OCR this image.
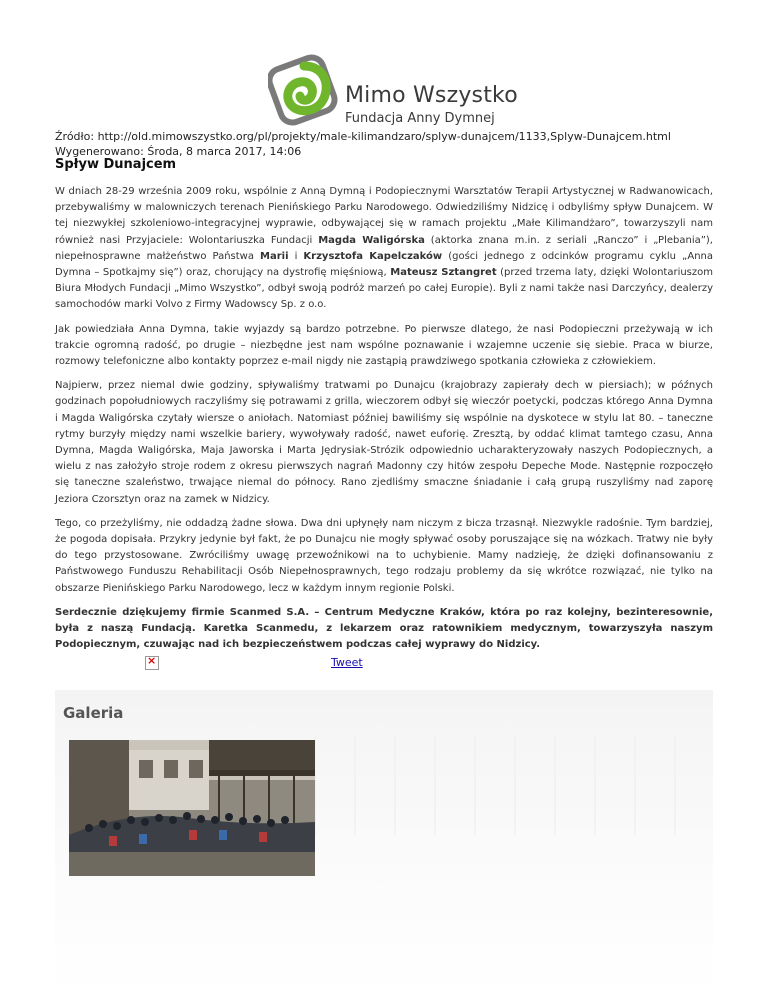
Mimo Wszystko
Fundacja Anny Dymnej
Źródło: http://old.mimowszystko.org/pl/projekty/male-kilimandzaro/splyw-dunajcem/1133,Splyw-Dunajcem.html
Wygenerowano: Środa, 8 marca 2017, 14:06
Spływ Dunajcem

W dniach 28-29 września 2009 roku, wspólnie z Anną Dymną i Podopiecznymi Warsztatów Terapii Artystycznej w Radwanowicach, przebywaliśmy w malowniczych terenach Pienińskiego Parku Narodowego. Odwiedziliśmy Nidzicę i odbyliśmy spływ Dunajcem. W tej niezwykłej szkoleniowo-integracyjnej wyprawie, odbywającej się w ramach projektu „Małe Kilimandżaro”, towarzyszyli nam również nasi Przyjaciele: Wolontariuszka Fundacji Magda Waligórska (aktorka znana m.in. z seriali „Ranczo” i „Plebania”), niepełnosprawne małżeństwo Państwa Marii i Krzysztofa Kapelczaków (gości jednego z odcinków programu cyklu „Anna Dymna – Spotkajmy się”) oraz, chorujący na dystrofię mięśniową, Mateusz Sztangret (przed trzema laty, dzięki Wolontariuszom Biura Młodych Fundacji „Mimo Wszystko”, odbył swoją podróż marzeń po całej Europie). Byli z nami także nasi Darczyńcy, dealerzy samochodów marki Volvo z Firmy Wadowscy Sp. z o.o.

Jak powiedziała Anna Dymna, takie wyjazdy są bardzo potrzebne. Po pierwsze dlatego, że nasi Podopieczni przeżywają w ich trakcie ogromną radość, po drugie – niezbędne jest nam wspólne poznawanie i wzajemne uczenie się siebie. Praca w biurze, rozmowy telefoniczne albo kontakty poprzez e-mail nigdy nie zastąpią prawdziwego spotkania człowieka z człowiekiem.

Najpierw, przez niemal dwie godziny, spływaliśmy tratwami po Dunajcu (krajobrazy zapierały dech w piersiach); w późnych godzinach popołudniowych raczyliśmy się potrawami z grilla, wieczorem odbył się wieczór poetycki, podczas którego Anna Dymna i Magda Waligórska czytały wiersze o aniołach. Natomiast później bawiliśmy się wspólnie na dyskotece w stylu lat 80. – taneczne rytmy burzyły między nami wszelkie bariery, wywoływały radość, nawet euforię. Zresztą, by oddać klimat tamtego czasu, Anna Dymna, Magda Waligórska, Maja Jaworska i Marta Jędrysiak-Strózik odpowiednio ucharakteryzowały naszych Podopiecznych, a wielu z nas założyło stroje rodem z okresu pierwszych nagrań Madonny czy hitów zespołu Depeche Mode. Następnie rozpoczęło się taneczne szaleństwo, trwające niemal do północy. Rano zjedliśmy smaczne śniadanie i całą grupą ruszyliśmy nad zaporę Jeziora Czorsztyn oraz na zamek w Nidzicy.

Tego, co przeżyliśmy, nie oddadzą żadne słowa. Dwa dni upłynęły nam niczym z bicza trzasnął. Niezwykle radośnie. Tym bardziej, że pogoda dopisała. Przykry jedynie był fakt, że po Dunajcu nie mogły spływać osoby poruszające się na wózkach. Tratwy nie były do tego przystosowane. Zwróciliśmy uwagę przewoźnikowi na to uchybienie. Mamy nadzieję, że dzięki dofinansowaniu z Państwowego Funduszu Rehabilitacji Osób Niepełnosprawnych, tego rodzaju problemy da się wkrótce rozwiązać, nie tylko na obszarze Pienińskiego Parku Narodowego, lecz w każdym innym regionie Polski.

Serdecznie dziękujemy firmie Scanmed S.A. – Centrum Medyczne Kraków, która po raz kolejny, bezinteresownie, była z naszą Fundacją. Karetka Scanmedu, z lekarzem oraz ratownikiem medycznym, towarzyszyła naszym Podopiecznym, czuwając nad ich bezpieczeństwem podczas całej wyprawy do Nidzicy.

×	Tweet
Galeria
